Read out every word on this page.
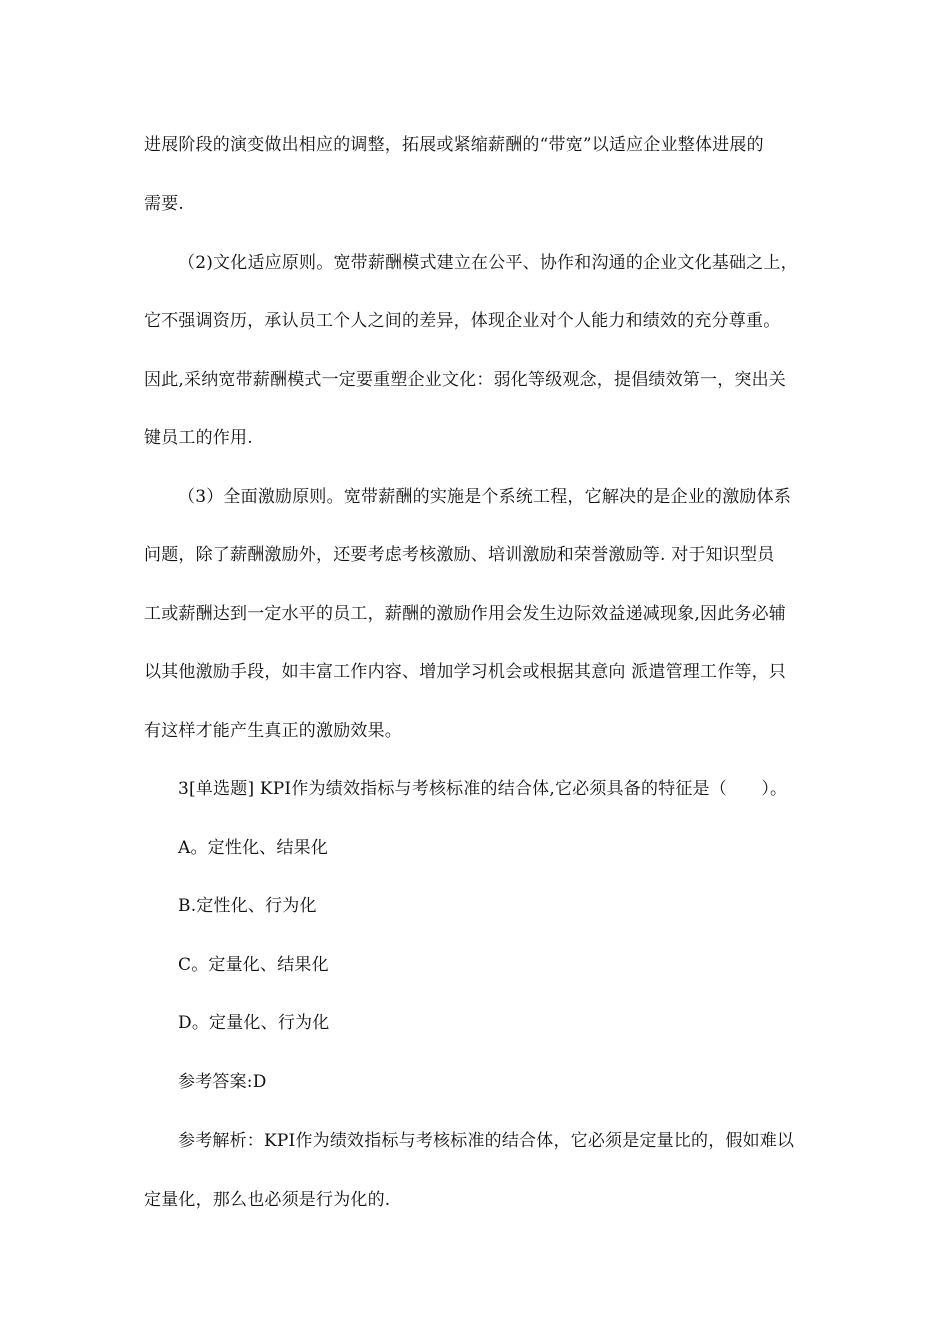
进展阶段的演变做出相应的调整，拓展或紧缩薪酬的“带宽”以适应企业整体进展的
需要.
（2)文化适应原则。宽带薪酬模式建立在公平、协作和沟通的企业文化基础之上，
它不强调资历，承认员工个人之间的差异，体现企业对个人能力和绩效的充分尊重。
因此,采纳宽带薪酬模式一定要重塑企业文化：弱化等级观念，提倡绩效第一，突出关
键员工的作用.
（3）全面激励原则。宽带薪酬的实施是个系统工程，它解决的是企业的激励体系
问题，除了薪酬激励外，还要考虑考核激励、培训激励和荣誉激励等. 对于知识型员
工或薪酬达到一定水平的员工，薪酬的激励作用会发生边际效益递减现象,因此务必辅
以其他激励手段，如丰富工作内容、增加学习机会或根据其意向 派遣管理工作等，只
有这样才能产生真正的激励效果。
3[单选题] KPI作为绩效指标与考核标准的结合体,它必须具备的特征是（　　）。
A。定性化、结果化
B.定性化、行为化
C。定量化、结果化
D。定量化、行为化
参考答案:D
参考解析：KPI作为绩效指标与考核标准的结合体，它必须是定量比的，假如难以
定量化，那么也必须是行为化的.
